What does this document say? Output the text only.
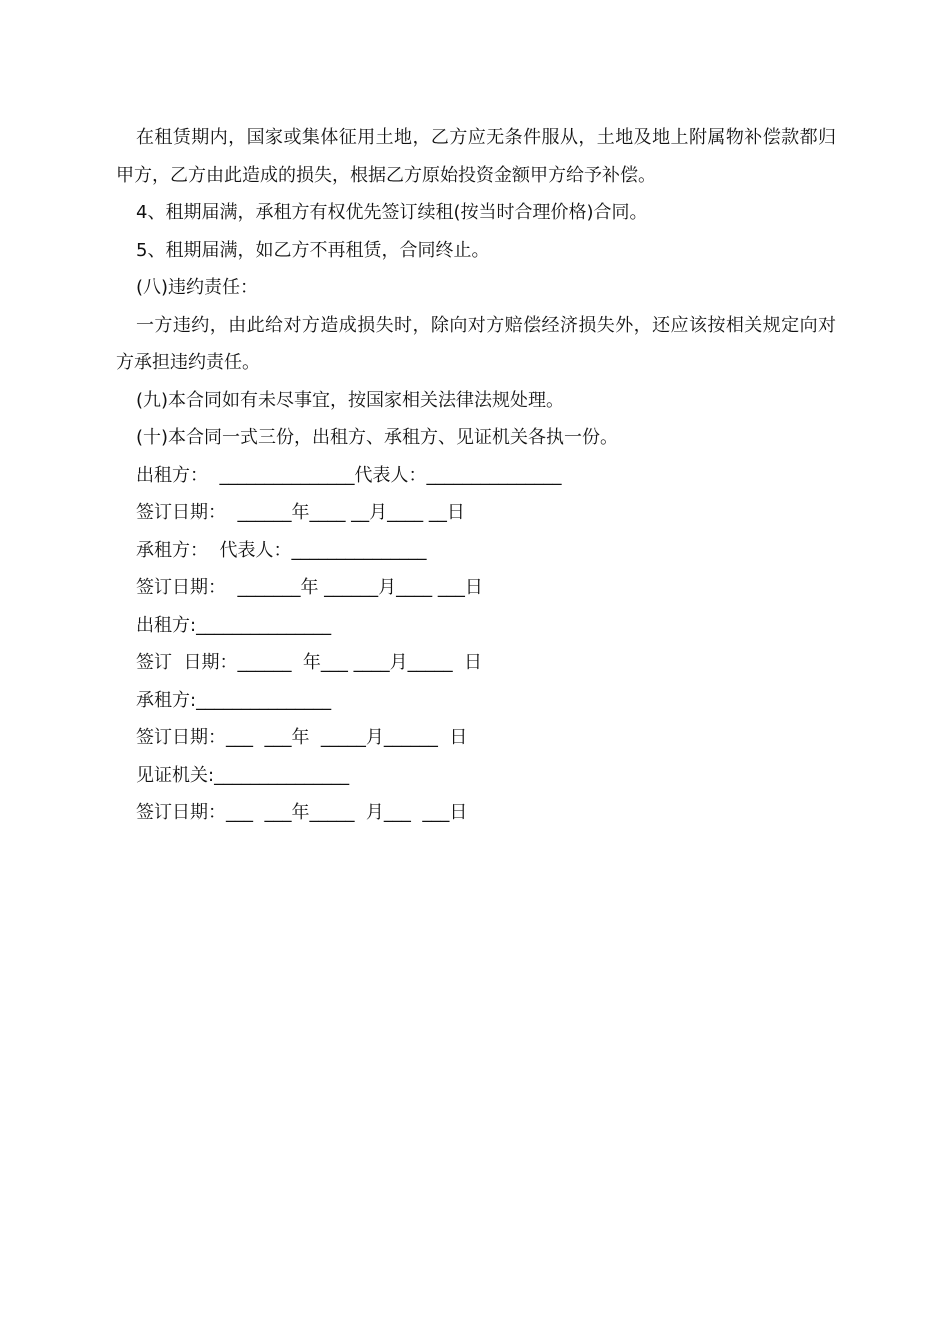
在租赁期内，国家或集体征用土地，乙方应无条件服从，土地及地上附属物补偿款都归甲方，乙方由此造成的损失，根据乙方原始投资金额甲方给予补偿。

4、租期届满，承租方有权优先签订续租(按当时合理价格)合同。

5、租期届满，如乙方不再租赁，合同终止。

(八)违约责任：

一方违约，由此给对方造成损失时，除向对方赔偿经济损失外，还应该按相关规定向对方承担违约责任。

(九)本合同如有未尽事宜，按国家相关法律法规处理。

(十)本合同一式三份，出租方、承租方、见证机关各执一份。

出租方：  _______________代表人：_______________

签订日期：  ______年____ __月____ __日

承租方：  代表人：_______________

签订日期：  _______年 ______月____ ___日

出租方:_______________

签订  日期：______  年___ ____月_____  日

承租方:_______________

签订日期：___  ___年  _____月______  日

见证机关:_______________

签订日期：___  ___年_____  月___  ___日
